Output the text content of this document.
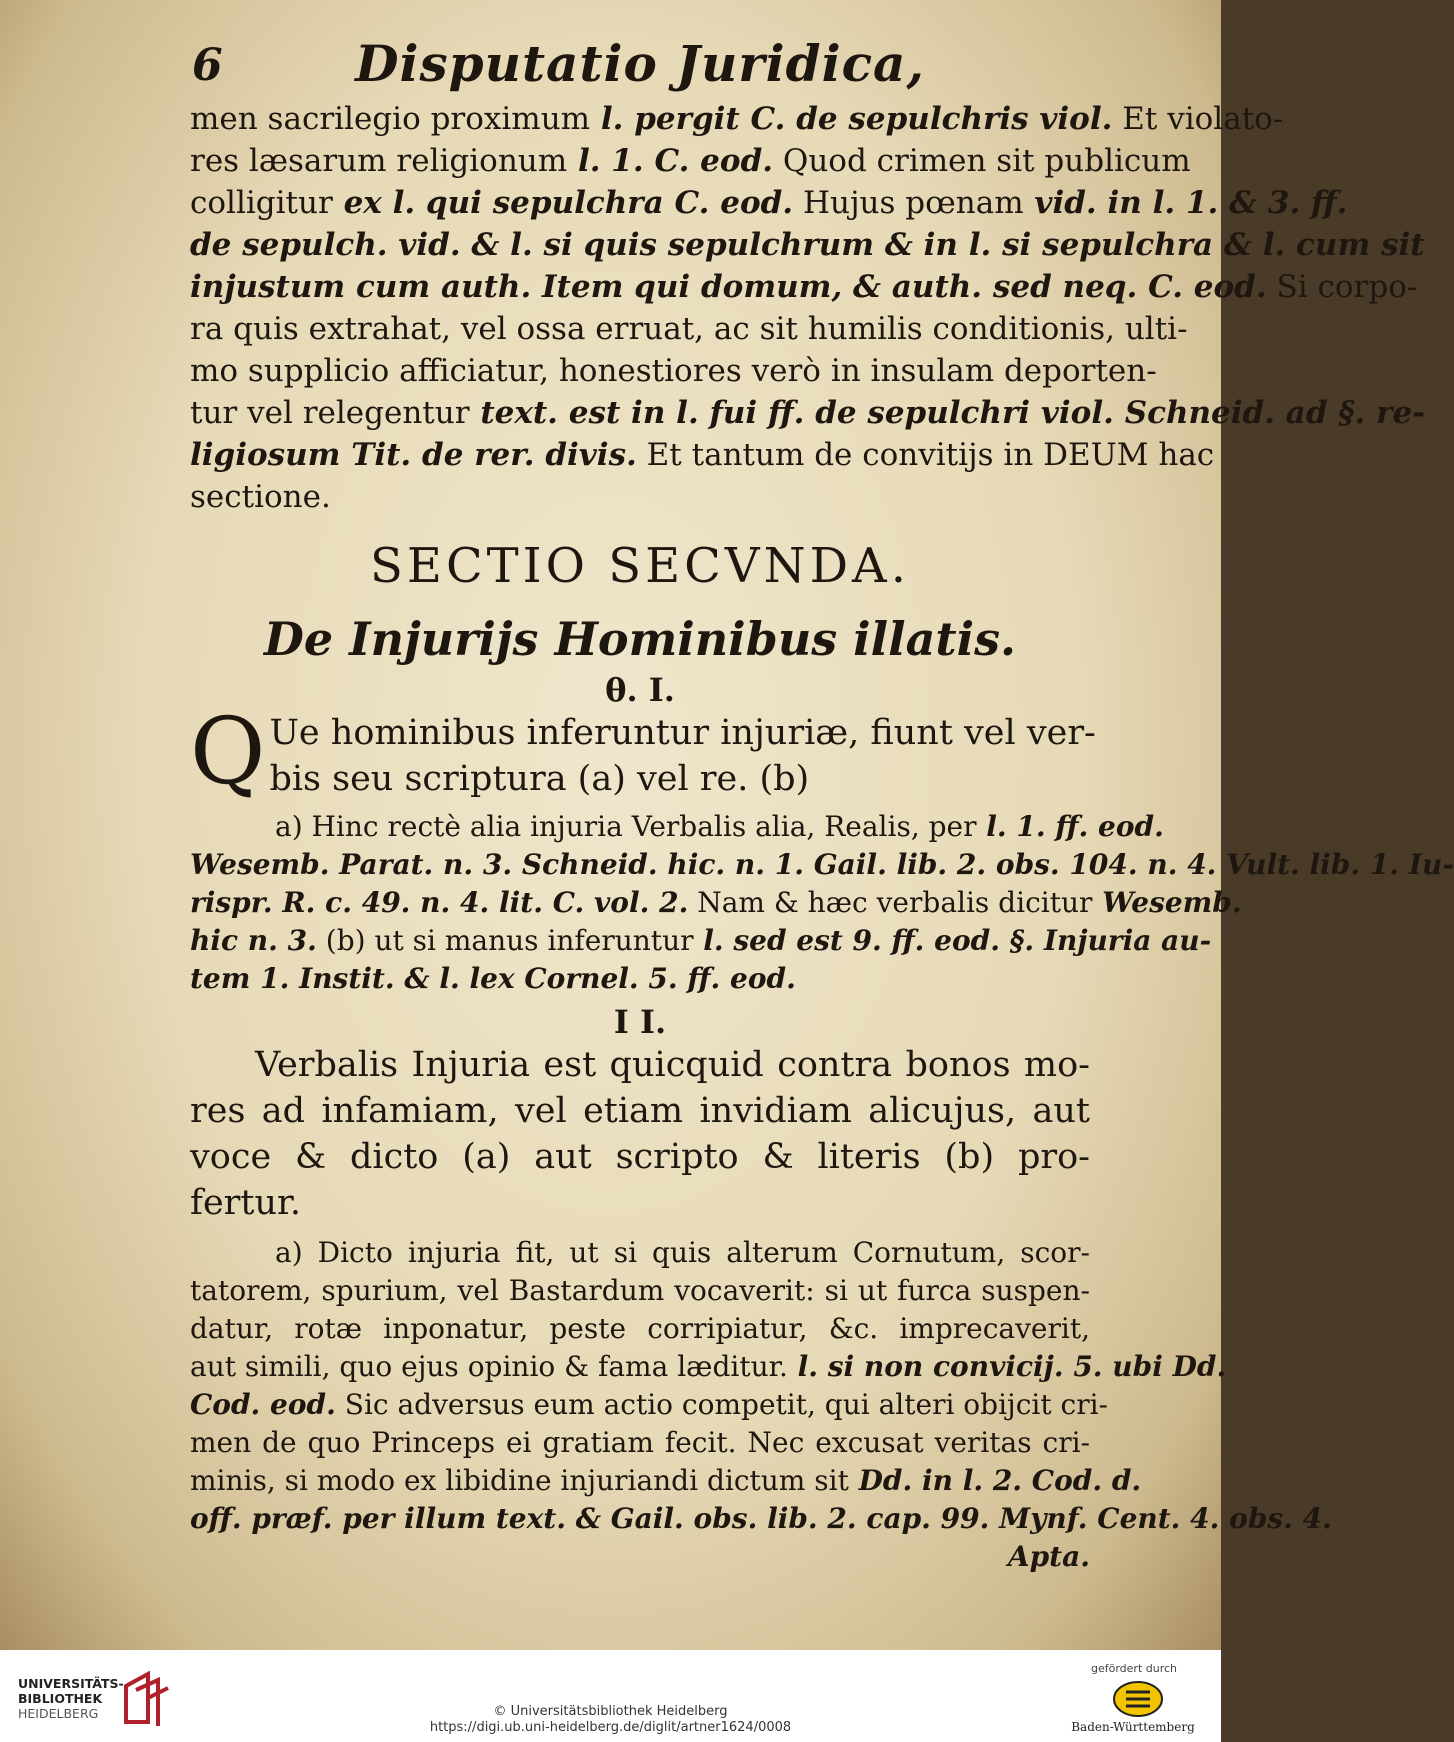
6	Disputatio Juridica,
men sacrilegio proximum l. pergit C. de sepulchris viol. Et violato-
res læsarum religionum l. 1. C. eod. Quod crimen sit publicum
colligitur ex l. qui sepulchra C. eod. Hujus pœnam vid. in l. 1. & 3. ff.
de sepulch. vid. & l. si quis sepulchrum & in l. si sepulchra & l. cum sit
injustum cum auth. Item qui domum, & auth. sed neq. C. eod. Si corpo-
ra quis extrahat, vel ossa erruat, ac sit humilis conditionis, ulti-
mo supplicio afficiatur, honestiores verò in insulam deporten-
tur vel relegentur text. est in l. fui ff. de sepulchri viol. Schneid. ad §. re-
ligiosum Tit. de rer. divis. Et tantum de convitijs in DEUM hac
sectione.
SECTIO SECVNDA.
De Injurijs Hominibus illatis.
θ. I.
Q Ue hominibus inferuntur injuriæ, fiunt vel ver-
bis seu scriptura (a) vel re. (b)
a) Hinc rectè alia injuria Verbalis alia, Realis, per l. 1. ff. eod.
Wesemb. Parat. n. 3. Schneid. hic. n. 1. Gail. lib. 2. obs. 104. n. 4. Vult. lib. 1. Iu-
rispr. R. c. 49. n. 4. lit. C. vol. 2. Nam & hæc verbalis dicitur Wesemb.
hic n. 3. (b) ut si manus inferuntur l. sed est 9. ff. eod. §. Injuria au-
tem 1. Instit. & l. lex Cornel. 5. ff. eod.
I I.
Verbalis Injuria est quicquid contra bonos mo-
res ad infamiam, vel etiam invidiam alicujus, aut
voce & dicto (a) aut scripto & literis (b) pro-
fertur.
a) Dicto injuria fit, ut si quis alterum Cornutum, scor-
tatorem, spurium, vel Bastardum vocaverit: si ut furca suspen-
datur, rotæ inponatur, peste corripiatur, &c. imprecaverit,
aut simili, quo ejus opinio & fama læditur. l. si non convicij. 5. ubi Dd.
Cod. eod. Sic adversus eum actio competit, qui alteri obijcit cri-
men de quo Princeps ei gratiam fecit. Nec excusat veritas cri-
minis, si modo ex libidine injuriandi dictum sit Dd. in l. 2. Cod. d.
off. præf. per illum text. & Gail. obs. lib. 2. cap. 99. Mynf. Cent. 4. obs. 4.
Apta.
UNIVERSITÄTS-
BIBLIOTHEK
HEIDELBERG	© Universitätsbibliothek Heidelberg
https://digi.ub.uni-heidelberg.de/diglit/artner1624/0008
gefördert durch
Baden-Württemberg
